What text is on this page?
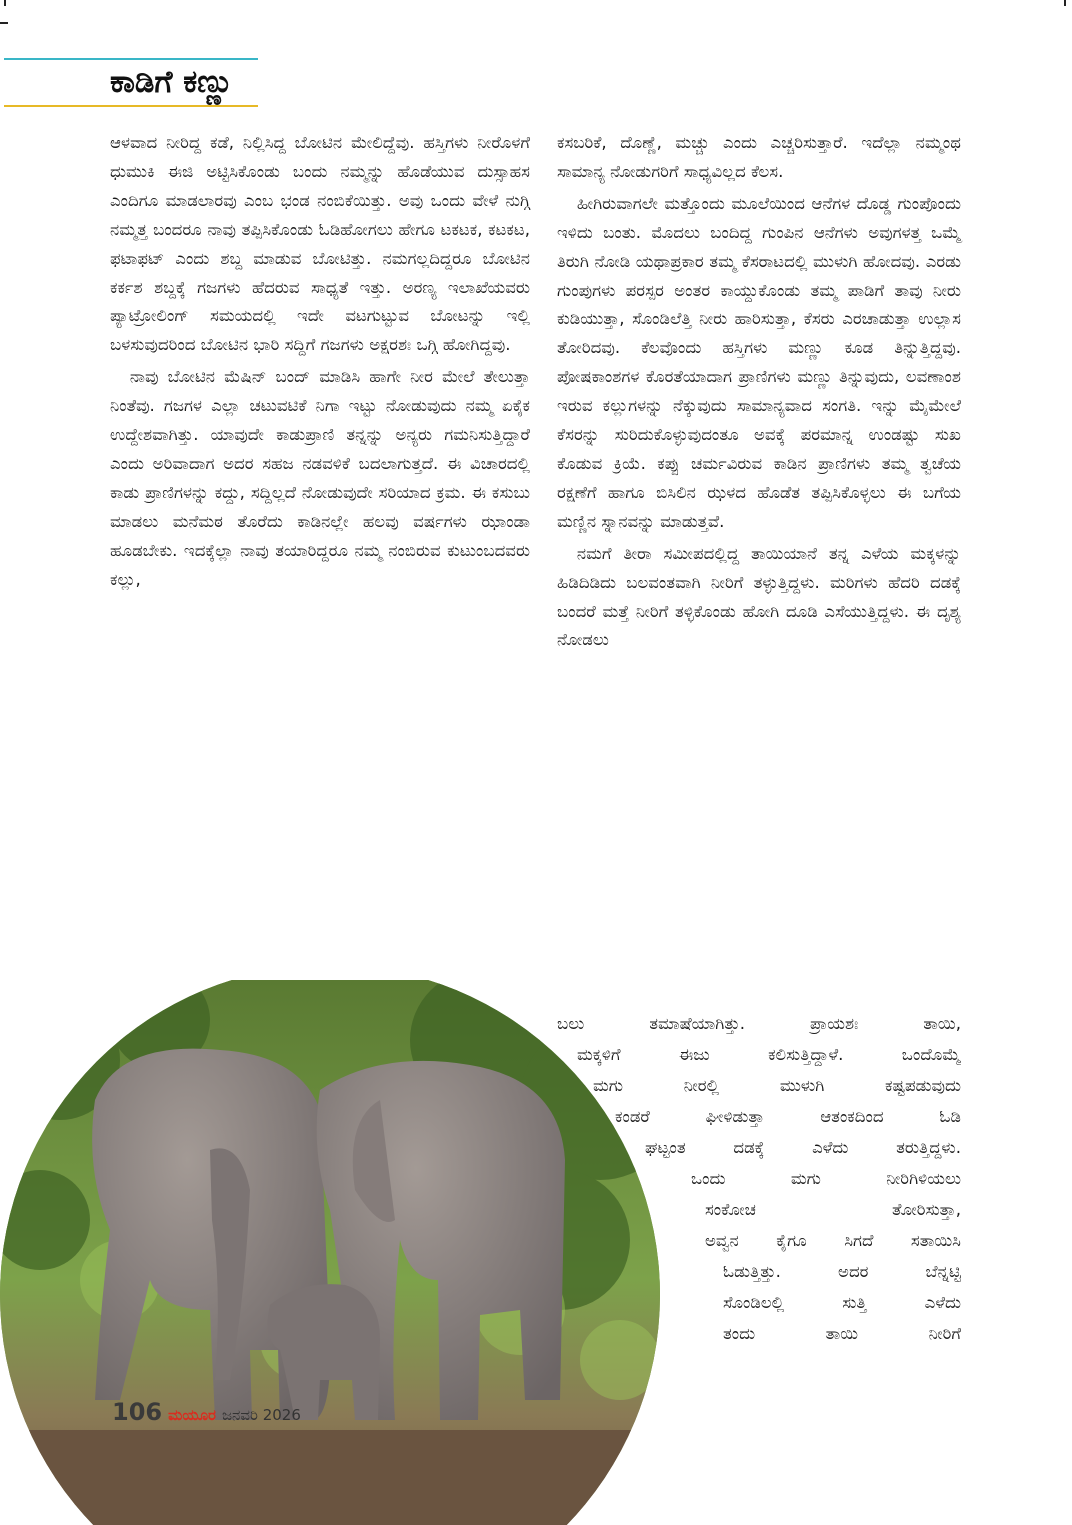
ಕಾಡಿಗೆ ಕಣ್ಣು

ಆಳವಾದ ನೀರಿದ್ದ ಕಡೆ, ನಿಲ್ಲಿಸಿದ್ದ ಬೋಟಿನ ಮೇಲಿದ್ದೆವು. ಹಸ್ತಿಗಳು ನೀರೊಳಗೆ ಧುಮುಕಿ ಈಜಿ ಅಟ್ಟಿಸಿಕೊಂಡು ಬಂದು ನಮ್ಮನ್ನು ಹೊಡೆಯುವ ದುಸ್ಸಾಹಸ ಎಂದಿಗೂ ಮಾಡಲಾರವು ಎಂಬ ಭಂಡ ನಂಬಿಕೆಯಿತ್ತು. ಅವು ಒಂದು ವೇಳೆ ನುಗ್ಗಿ ನಮ್ಮತ್ತ ಬಂದರೂ ನಾವು ತಪ್ಪಿಸಿಕೊಂಡು ಓಡಿಹೋಗಲು ಹೇಗೂ ಟಕಟಕ, ಕಟಕಟ, ಫಟಾಫಟ್ ಎಂದು ಶಬ್ದ ಮಾಡುವ ಬೋಟಿತ್ತು. ನಮಗಲ್ಲದಿದ್ದರೂ ಬೋಟಿನ ಕರ್ಕಶ ಶಬ್ದಕ್ಕೆ ಗಜಗಳು ಹೆದರುವ ಸಾಧ್ಯತೆ ಇತ್ತು. ಅರಣ್ಯ ಇಲಾಖೆಯವರು ಪ್ಯಾಟ್ರೋಲಿಂಗ್ ಸಮಯದಲ್ಲಿ ಇದೇ ವಟಗುಟ್ಟುವ ಬೋಟನ್ನು ಇಲ್ಲಿ ಬಳಸುವುದರಿಂದ ಬೋಟಿನ ಭಾರಿ ಸದ್ದಿಗೆ ಗಜಗಳು ಅಕ್ಷರಶಃ ಒಗ್ಗಿ ಹೋಗಿದ್ದವು.

ನಾವು ಬೋಟಿನ ಮೆಷಿನ್ ಬಂದ್ ಮಾಡಿಸಿ ಹಾಗೇ ನೀರ ಮೇಲೆ ತೇಲುತ್ತಾ ನಿಂತೆವು. ಗಜಗಳ ಎಲ್ಲಾ ಚಟುವಟಿಕೆ ನಿಗಾ ಇಟ್ಟು ನೋಡುವುದು ನಮ್ಮ ಏಕೈಕ ಉದ್ದೇಶವಾಗಿತ್ತು. ಯಾವುದೇ ಕಾಡುಪ್ರಾಣಿ ತನ್ನನ್ನು ಅನ್ಯರು ಗಮನಿಸುತ್ತಿದ್ದಾರೆ ಎಂದು ಅರಿವಾದಾಗ ಅದರ ಸಹಜ ನಡವಳಿಕೆ ಬದಲಾಗುತ್ತದೆ. ಈ ವಿಚಾರದಲ್ಲಿ ಕಾಡು ಪ್ರಾಣಿಗಳನ್ನು ಕದ್ದು, ಸದ್ದಿಲ್ಲದೆ ನೋಡುವುದೇ ಸರಿಯಾದ ಕ್ರಮ. ಈ ಕಸುಬು ಮಾಡಲು ಮನೆಮಠ ತೊರೆದು ಕಾಡಿನಲ್ಲೇ ಹಲವು ವರ್ಷಗಳು ಝಾಂಡಾ ಹೂಡಬೇಕು. ಇದಕ್ಕೆಲ್ಲಾ ನಾವು ತಯಾರಿದ್ದರೂ ನಮ್ಮ ನಂಬಿರುವ ಕುಟುಂಬದವರು ಕಲ್ಲು,

ಕಸಬರಿಕೆ, ದೊಣ್ಣೆ, ಮಚ್ಚು ಎಂದು ಎಚ್ಚರಿಸುತ್ತಾರೆ. ಇದೆಲ್ಲಾ ನಮ್ಮಂಥ ಸಾಮಾನ್ಯ ನೋಡುಗರಿಗೆ ಸಾಧ್ಯವಿಲ್ಲದ ಕೆಲಸ.

ಹೀಗಿರುವಾಗಲೇ ಮತ್ತೊಂದು ಮೂಲೆಯಿಂದ ಆನೆಗಳ ದೊಡ್ಡ ಗುಂಪೊಂದು ಇಳಿದು ಬಂತು. ಮೊದಲು ಬಂದಿದ್ದ ಗುಂಪಿನ ಆನೆಗಳು ಅವುಗಳತ್ತ ಒಮ್ಮೆ ತಿರುಗಿ ನೋಡಿ ಯಥಾಪ್ರಕಾರ ತಮ್ಮ ಕೆಸರಾಟದಲ್ಲಿ ಮುಳುಗಿ ಹೋದವು. ಎರಡು ಗುಂಪುಗಳು ಪರಸ್ಪರ ಅಂತರ ಕಾಯ್ದುಕೊಂಡು ತಮ್ಮ ಪಾಡಿಗೆ ತಾವು ನೀರು ಕುಡಿಯುತ್ತಾ, ಸೊಂಡಿಲೆತ್ತಿ ನೀರು ಹಾರಿಸುತ್ತಾ, ಕೆಸರು ಎರಚಾಡುತ್ತಾ ಉಲ್ಲಾಸ ತೋರಿದವು. ಕೆಲವೊಂದು ಹಸ್ತಿಗಳು ಮಣ್ಣು ಕೂಡ ತಿನ್ನುತ್ತಿದ್ದವು. ಪೋಷಕಾಂಶಗಳ ಕೊರತೆಯಾದಾಗ ಪ್ರಾಣಿಗಳು ಮಣ್ಣು ತಿನ್ನುವುದು, ಲವಣಾಂಶ ಇರುವ ಕಲ್ಲುಗಳನ್ನು ನೆಕ್ಕುವುದು ಸಾಮಾನ್ಯವಾದ ಸಂಗತಿ. ಇನ್ನು ಮೈಮೇಲೆ ಕೆಸರನ್ನು ಸುರಿದುಕೊಳ್ಳುವುದಂತೂ ಅವಕ್ಕೆ ಪರಮಾನ್ನ ಉಂಡಷ್ಟು ಸುಖ ಕೊಡುವ ಕ್ರಿಯೆ. ಕಪ್ಪು ಚರ್ಮವಿರುವ ಕಾಡಿನ ಪ್ರಾಣಿಗಳು ತಮ್ಮ ತ್ವಚೆಯ ರಕ್ಷಣೆಗೆ ಹಾಗೂ ಬಿಸಿಲಿನ ಝಳದ ಹೊಡೆತ ತಪ್ಪಿಸಿಕೊಳ್ಳಲು ಈ ಬಗೆಯ ಮಣ್ಣಿನ ಸ್ನಾನವನ್ನು ಮಾಡುತ್ತವೆ.

ನಮಗೆ ತೀರಾ ಸಮೀಪದಲ್ಲಿದ್ದ ತಾಯಿಯಾನೆ ತನ್ನ ಎಳೆಯ ಮಕ್ಕಳನ್ನು ಹಿಡಿದಿಡಿದು ಬಲವಂತವಾಗಿ ನೀರಿಗೆ ತಳ್ಳುತ್ತಿದ್ದಳು. ಮರಿಗಳು ಹೆದರಿ ದಡಕ್ಕೆ ಬಂದರೆ ಮತ್ತೆ ನೀರಿಗೆ ತಳ್ಳಿಕೊಂಡು ಹೋಗಿ ದೂಡಿ ಎಸೆಯುತ್ತಿದ್ದಳು. ಈ ದೃಶ್ಯ ನೋಡಲು

ಬಲು ತಮಾಷೆಯಾಗಿತ್ತು. ಪ್ರಾಯಶಃ ತಾಯಿ,
ಮಕ್ಕಳಿಗೆ ಈಜು ಕಲಿಸುತ್ತಿದ್ದಾಳೆ. ಒಂದೊಮ್ಮೆ
ಮಗು ನೀರಲ್ಲಿ ಮುಳುಗಿ ಕಷ್ಟಪಡುವುದು
ಕಂಡರೆ ಘೀಳಿಡುತ್ತಾ ಆತಂಕದಿಂದ ಓಡಿ
ಘಟ್ಟಂತ ದಡಕ್ಕೆ ಎಳೆದು ತರುತ್ತಿದ್ದಳು.
ಒಂದು ಮಗು ನೀರಿಗಿಳಿಯಲು
ಸಂಕೋಚ ತೋರಿಸುತ್ತಾ,
ಅವ್ವನ ಕೈಗೂ ಸಿಗದೆ ಸತಾಯಿಸಿ
ಓಡುತ್ತಿತ್ತು. ಅದರ ಬೆನ್ನಟ್ಟಿ
ಸೊಂಡಿಲಲ್ಲಿ ಸುತ್ತಿ ಎಳೆದು
ತಂದು ತಾಯಿ ನೀರಿಗೆ
106 ಮಯೂರ ಜನವರಿ 2026
